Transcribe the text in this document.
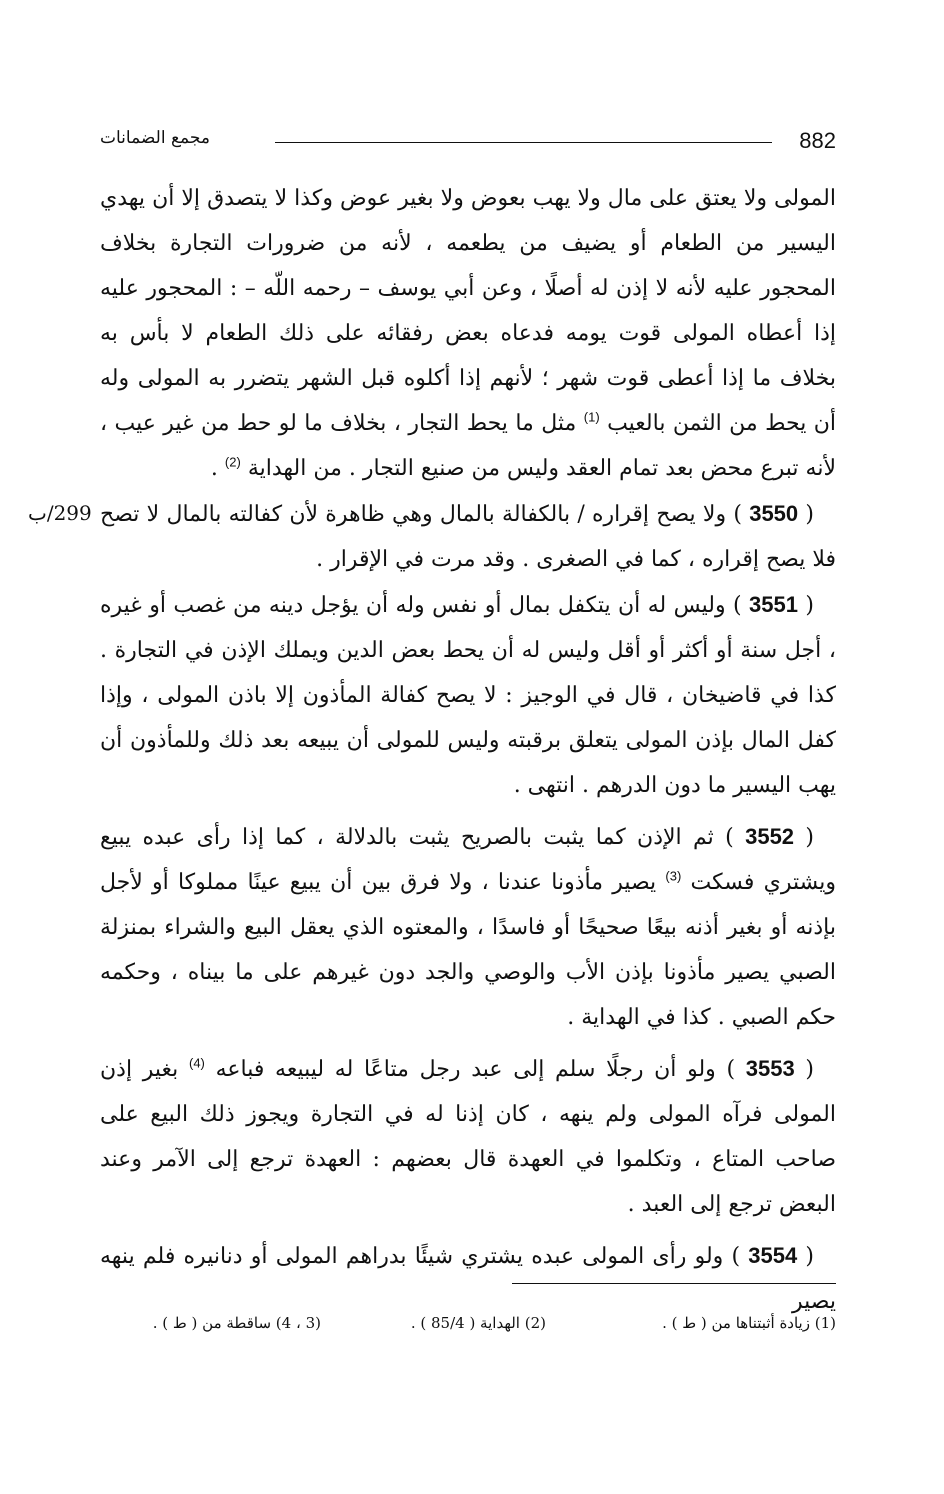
882
مجمع الضمانات
299/ب

المولى ولا يعتق على مال ولا يهب بعوض ولا بغير عوض وكذا لا يتصدق إلا أن يهدي اليسير من الطعام أو يضيف من يطعمه ، لأنه من ضرورات التجارة بخلاف المحجور عليه لأنه لا إذن له أصلًا ، وعن أبي يوسف – رحمه اللّه – : المحجور عليه إذا أعطاه المولى قوت يومه فدعاه بعض رفقائه على ذلك الطعام لا بأس به بخلاف ما إذا أعطى قوت شهر ؛ لأنهم إذا أكلوه قبل الشهر يتضرر به المولى وله أن يحط من الثمن بالعيب $^{(1)}$ مثل ما يحط التجار ، بخلاف ما لو حط من غير عيب ، لأنه تبرع محض بعد تمام العقد وليس من صنيع التجار . من الهداية $^{(2)}$ .

( 3550 ) ولا يصح إقراره / بالكفالة بالمال وهي ظاهرة لأن كفالته بالمال لا تصح فلا يصح إقراره ، كما في الصغرى . وقد مرت في الإقرار .

( 3551 ) وليس له أن يتكفل بمال أو نفس وله أن يؤجل دينه من غصب أو غيره ، أجل سنة أو أكثر أو أقل وليس له أن يحط بعض الدين ويملك الإذن في التجارة . كذا في قاضيخان ، قال في الوجيز : لا يصح كفالة المأذون إلا باذن المولى ، وإذا كفل المال بإذن المولى يتعلق برقبته وليس للمولى أن يبيعه بعد ذلك وللمأذون أن يهب اليسير ما دون الدرهم . انتهى .

( 3552 ) ثم الإذن كما يثبت بالصريح يثبت بالدلالة ، كما إذا رأى عبده يبيع ويشتري فسكت $^{(3)}$ يصير مأذونا عندنا ، ولا فرق بين أن يبيع عينًا مملوكا أو لأجل بإذنه أو بغير أذنه بيعًا صحيحًا أو فاسدًا ، والمعتوه الذي يعقل البيع والشراء بمنزلة الصبي يصير مأذونا بإذن الأب والوصي والجد دون غيرهم على ما بيناه ، وحكمه حكم الصبي . كذا في الهداية .

( 3553 ) ولو أن رجلًا سلم إلى عبد رجل متاعًا له ليبيعه فباعه $^{(4)}$ بغير إذن المولى فرآه المولى ولم ينهه ، كان إذنا له في التجارة ويجوز ذلك البيع على صاحب المتاع ، وتكلموا في العهدة قال بعضهم : العهدة ترجع إلى الآمر وعند البعض ترجع إلى العبد .

( 3554 ) ولو رأى المولى عبده يشتري شيئًا بدراهم المولى أو دنانيره فلم ينهه يصير

(1) زيادة أثبتناها من ( ط ) .
(2) الهداية ( 85/4 ) .
(3 ، 4) ساقطة من ( ط ) .
